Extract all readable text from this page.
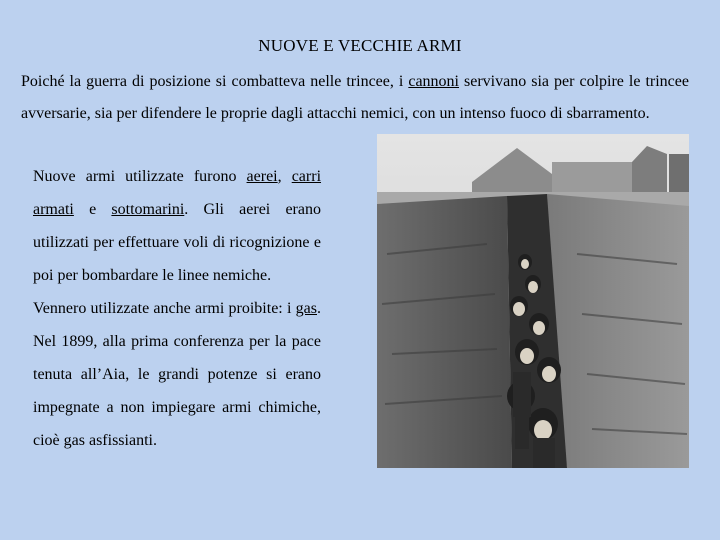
NUOVE E VECCHIE ARMI

Poiché la guerra di posizione si combatteva nelle trincee, i cannoni servivano sia per colpire le trincee avversarie, sia per difendere le proprie dagli attacchi nemici, con un intenso fuoco di sbarramento.

Nuove armi utilizzate furono aerei, carri armati e sottomarini. Gli aerei erano utilizzati per effettuare voli di ricognizione e poi per bombardare le linee nemiche.

Vennero utilizzate anche armi proibite: i gas. Nel 1899, alla prima conferenza per la pace tenuta all’Aia, le grandi potenze si erano impegnate a non impiegare armi chimiche, cioè gas asfissianti.
